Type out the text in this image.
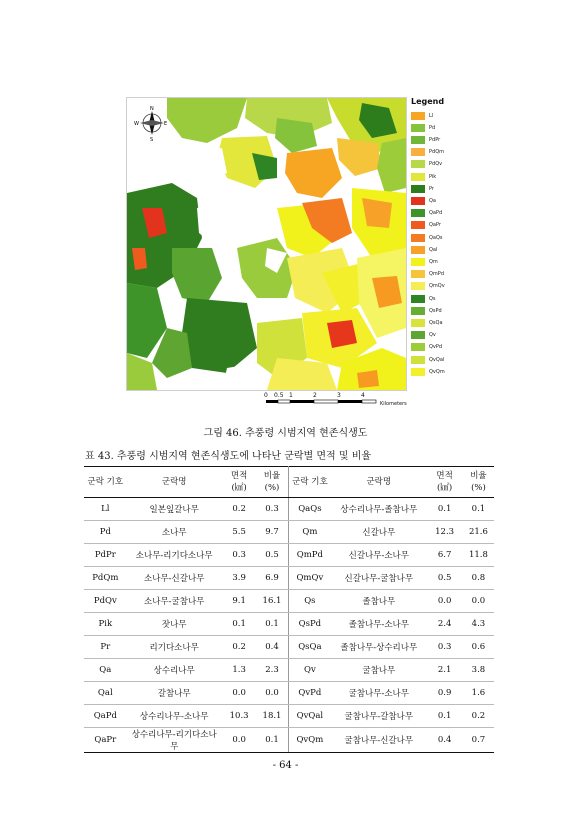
N
S
E
W
Legend
Ll
Pd
PdPr
PdQm
PdQv
Pik
Pr
Qa
QaPd
QaPr
QaQs
Qal
Qm
QmPd
QmQv
Qs
QsPd
QsQa
Qv
QvPd
QvQal
QvQm
0 0.5 1	2	3	4
Kilometers
그림 46. 추풍령 시범지역 현존식생도
표 43. 추풍령 시범지역 현존식생도에 나타난 군락별 면적 및 비율
군락 기호	군락명	면적 (㎢)	비율 (%)	군락 기호	군락명	면적 (㎢)	비율 (%)
Ll	일본잎갈나무	0.2	0.3	QaQs	상수리나무-졸참나무	0.1	0.1
Pd	소나무	5.5	9.7	Qm	신갈나무	12.3	21.6
PdPr	소나무-리기다소나무	0.3	0.5	QmPd	신갈나무-소나무	6.7	11.8
PdQm	소나무-신갈나무	3.9	6.9	QmQv	신갈나무-굴참나무	0.5	0.8
PdQv	소나무-굴참나무	9.1	16.1	Qs	졸참나무	0.0	0.0
Pik	잣나무	0.1	0.1	QsPd	졸참나무-소나무	2.4	4.3
Pr	리기다소나무	0.2	0.4	QsQa	졸참나무-상수리나무	0.3	0.6
Qa	상수리나무	1.3	2.3	Qv	굴참나무	2.1	3.8
Qal	갈참나무	0.0	0.0	QvPd	굴참나무-소나무	0.9	1.6
QaPd	상수리나무-소나무	10.3	18.1	QvQal	굴참나무-갈참나무	0.1	0.2
QaPr	상수리나무-리기다소나무	0.0	0.1	QvQm	굴참나무-신갈나무	0.4	0.7
- 64 -
